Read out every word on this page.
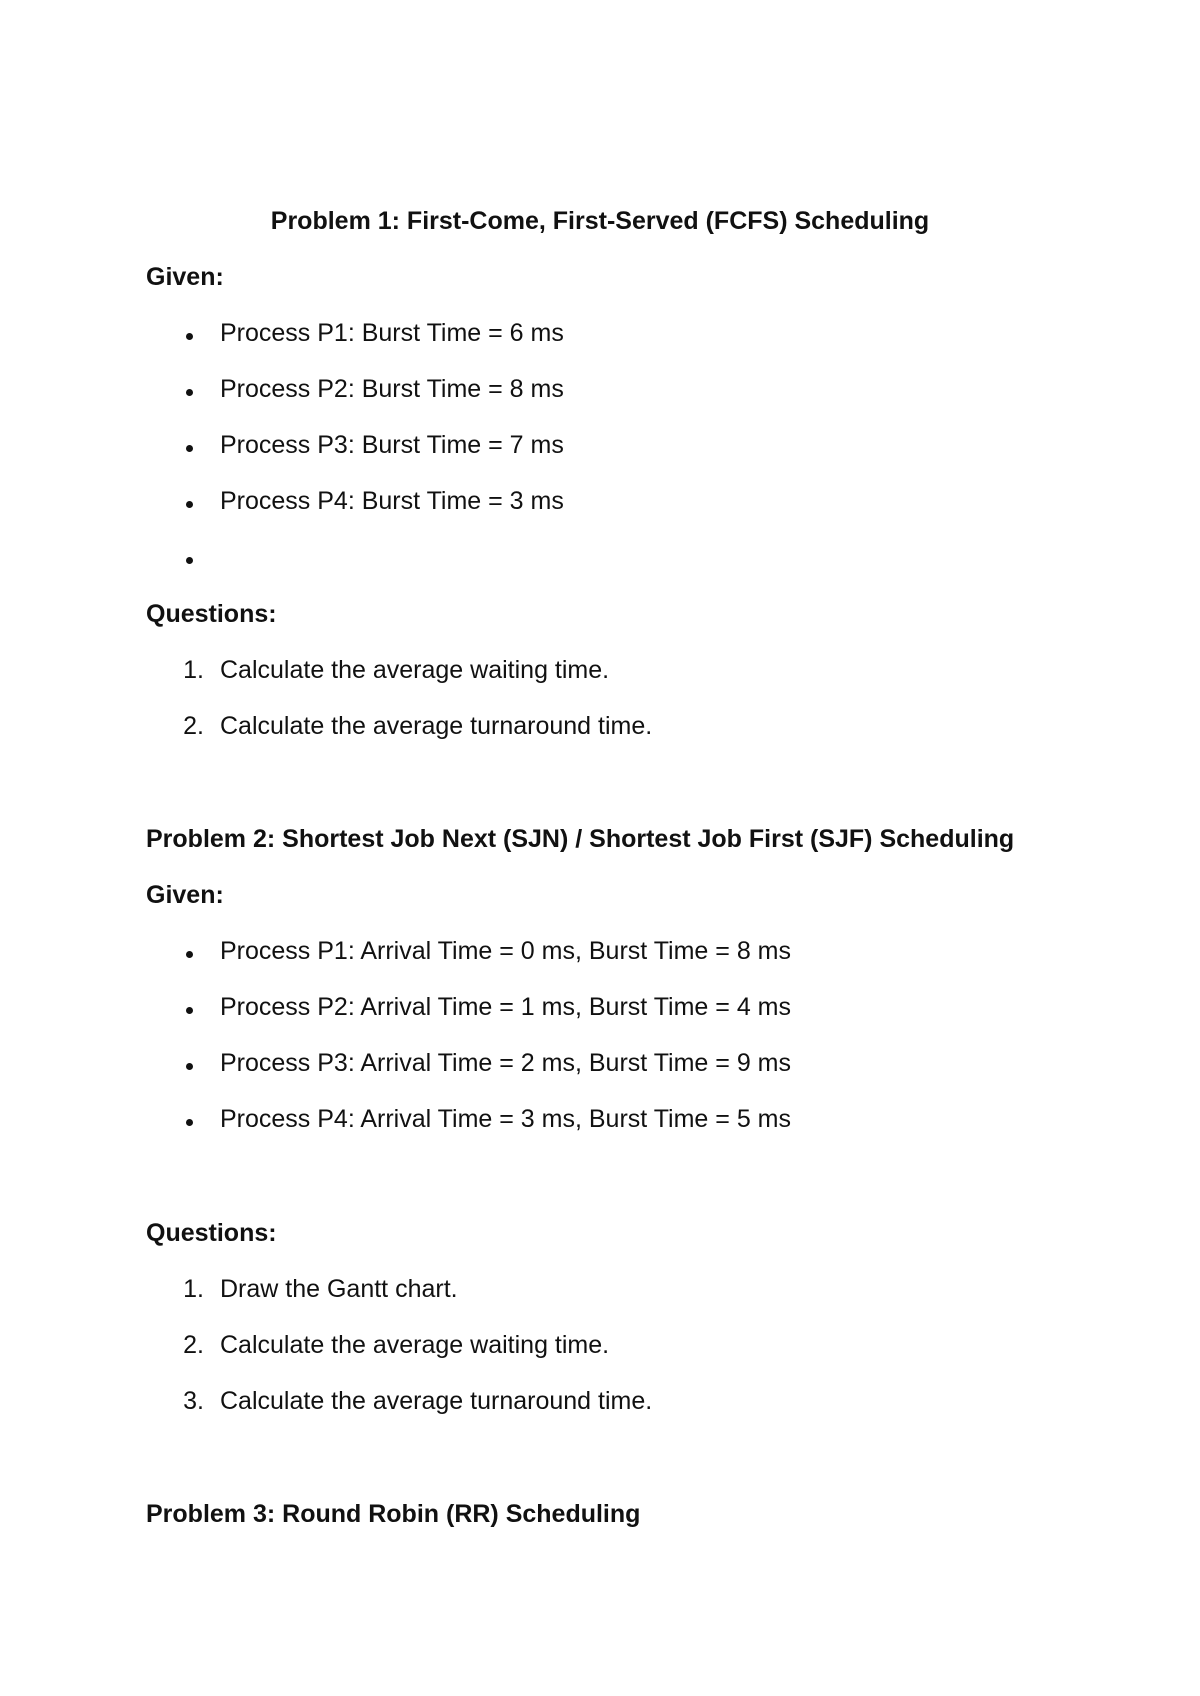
Problem 1: First-Come, First-Served (FCFS) Scheduling

Given:

Process P1: Burst Time = 6 ms

Process P2: Burst Time = 8 ms

Process P3: Burst Time = 7 ms

Process P4: Burst Time = 3 ms

Questions:

1. Calculate the average waiting time.

2. Calculate the average turnaround time.

Problem 2: Shortest Job Next (SJN) / Shortest Job First (SJF) Scheduling

Given:

Process P1: Arrival Time = 0 ms, Burst Time = 8 ms

Process P2: Arrival Time = 1 ms, Burst Time = 4 ms

Process P3: Arrival Time = 2 ms, Burst Time = 9 ms

Process P4: Arrival Time = 3 ms, Burst Time = 5 ms

Questions:

1. Draw the Gantt chart.

2. Calculate the average waiting time.

3. Calculate the average turnaround time.

Problem 3: Round Robin (RR) Scheduling
